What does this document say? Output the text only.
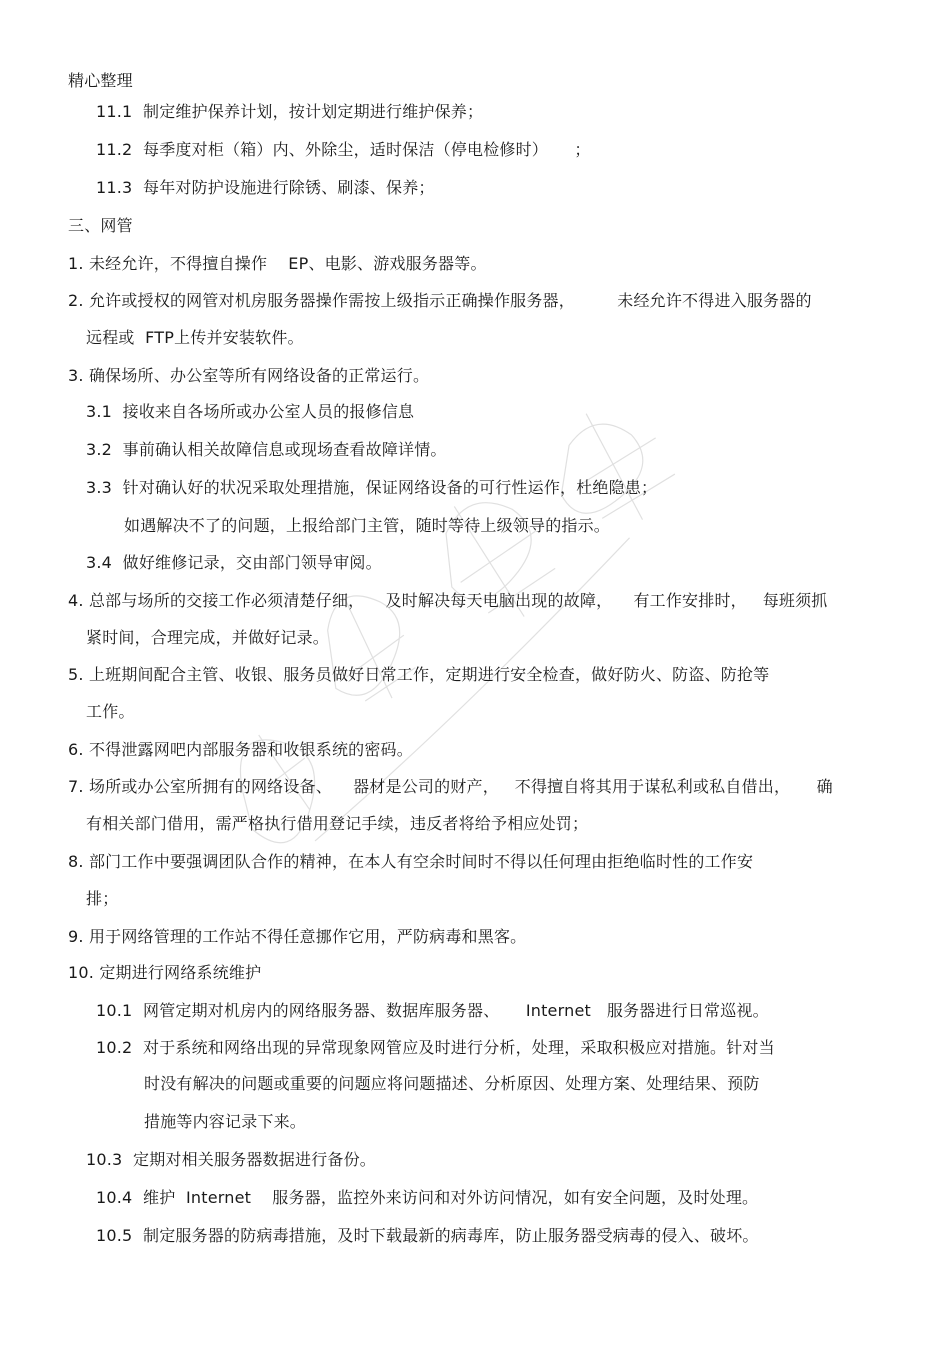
精心整理
11.1  制定维护保养计划，按计划定期进行维护保养；
11.2  每季度对柜（箱）内、外除尘，适时保洁（停电检修时）     ；
11.3  每年对防护设施进行除锈、刷漆、保养；
三、网管
1. 未经允许，不得擅自操作    EP、电影、游戏服务器等。
2. 允许或授权的网管对机房服务器操作需按上级指示正确操作服务器，        未经允许不得进入服务器的
远程或  FTP上传并安装软件。
3. 确保场所、办公室等所有网络设备的正常运行。
3.1  接收来自各场所或办公室人员的报修信息
3.2  事前确认相关故障信息或现场查看故障详情。
3.3  针对确认好的状况采取处理措施，保证网络设备的可行性运作，杜绝隐患；
如遇解决不了的问题，上报给部门主管，随时等待上级领导的指示。
3.4  做好维修记录，交由部门领导审阅。
4. 总部与场所的交接工作必须清楚仔细，    及时解决每天电脑出现的故障，    有工作安排时，   每班须抓
紧时间，合理完成，并做好记录。
5. 上班期间配合主管、收银、服务员做好日常工作，定期进行安全检查，做好防火、防盗、防抢等
工作。
6. 不得泄露网吧内部服务器和收银系统的密码。
7. 场所或办公室所拥有的网络设备、    器材是公司的财产，   不得擅自将其用于谋私利或私自借出，     确
有相关部门借用，需严格执行借用登记手续，违反者将给予相应处罚；
8. 部门工作中要强调团队合作的精神，在本人有空余时间时不得以任何理由拒绝临时性的工作安
排；
9. 用于网络管理的工作站不得任意挪作它用，严防病毒和黑客。
10. 定期进行网络系统维护
10.1  网管定期对机房内的网络服务器、数据库服务器、     Internet   服务器进行日常巡视。
10.2  对于系统和网络出现的异常现象网管应及时进行分析，处理，采取积极应对措施。针对当
时没有解决的问题或重要的问题应将问题描述、分析原因、处理方案、处理结果、预防
措施等内容记录下来。
10.3  定期对相关服务器数据进行备份。
10.4  维护  Internet    服务器，监控外来访问和对外访问情况，如有安全问题，及时处理。
10.5  制定服务器的防病毒措施，及时下载最新的病毒库，防止服务器受病毒的侵入、破坏。
